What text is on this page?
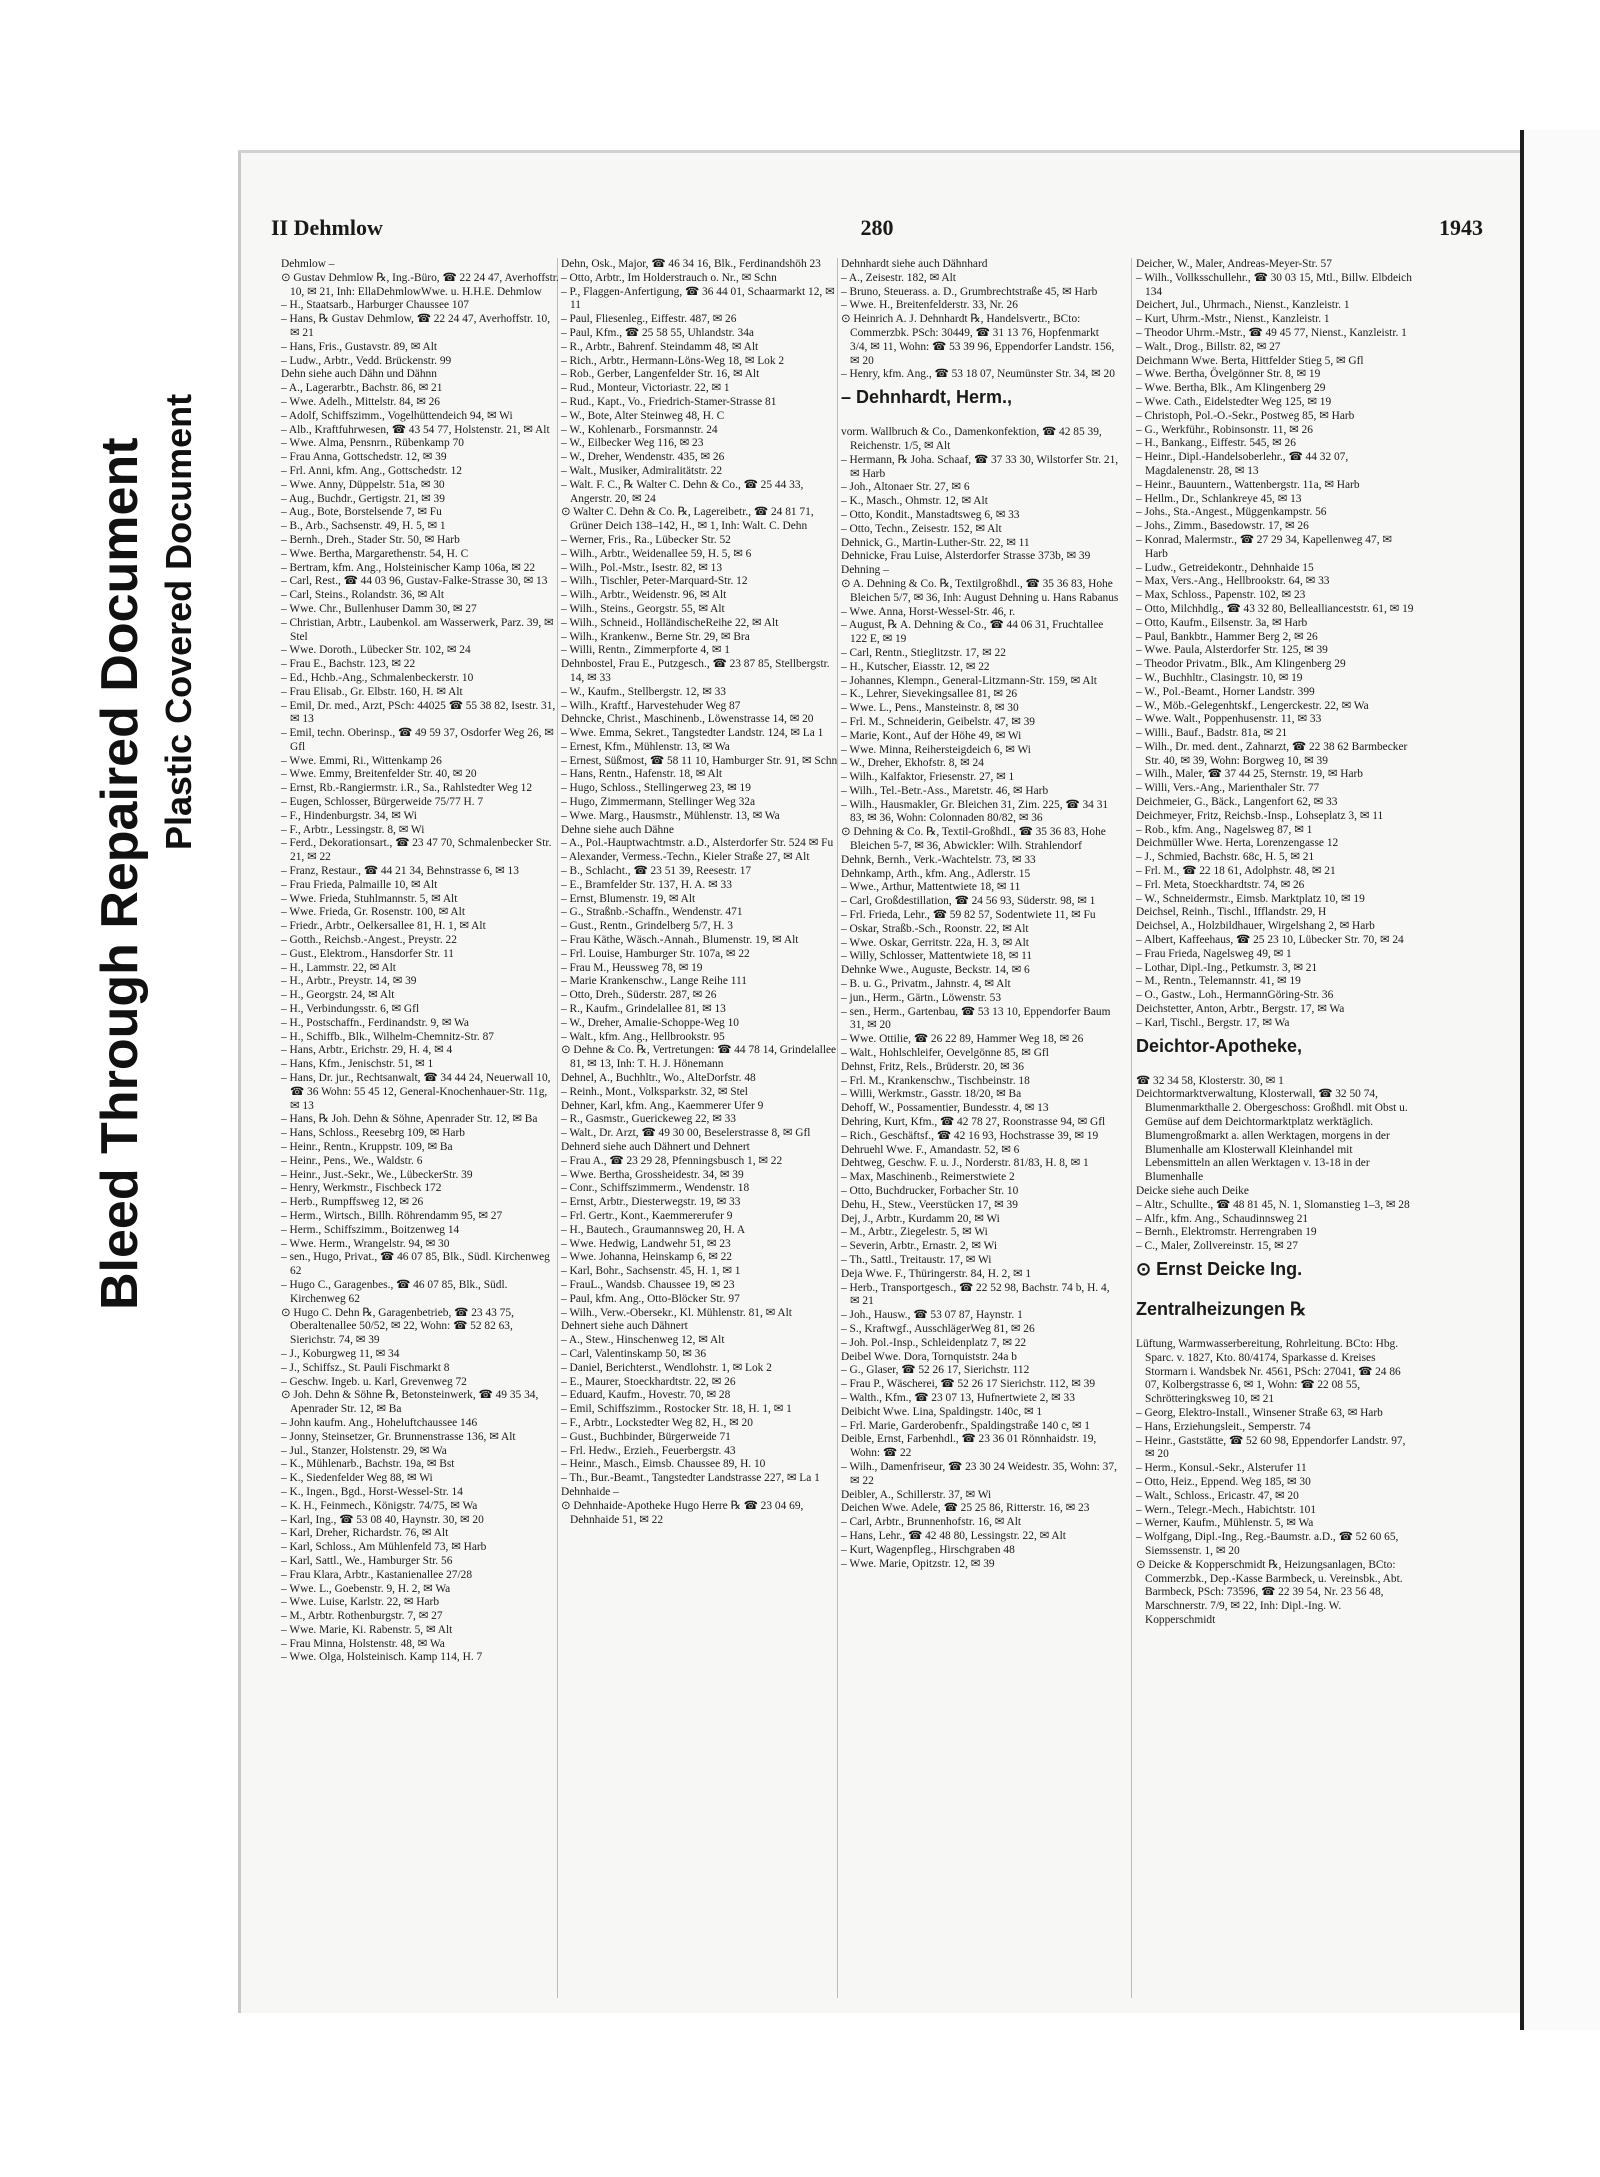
Bleed Through Repaired Document Plastic Covered Document
II Dehmlow	280	1943

Dehmlow –

⊙ Gustav Dehmlow ℞, Ing.-Büro, ☎ 22 24 47, Averhoffstr. 10, ✉ 21, Inh: EllaDehmlowWwe. u. H.H.E. Dehmlow

– H., Staatsarb., Harburger Chaussee 107

– Hans, ℞ Gustav Dehmlow, ☎ 22 24 47, Averhoffstr. 10, ✉ 21

– Hans, Fris., Gustavstr. 89, ✉ Alt

– Ludw., Arbtr., Vedd. Brückenstr. 99

Dehn siehe auch Dähn und Dähnn

– A., Lagerarbtr., Bachstr. 86, ✉ 21

– Wwe. Adelh., Mittelstr. 84, ✉ 26

– Adolf, Schiffszimm., Vogelhüttendeich 94, ✉ Wi

– Alb., Kraftfuhrwesen, ☎ 43 54 77, Holstenstr. 21, ✉ Alt

– Wwe. Alma, Pensnrn., Rübenkamp 70

– Frau Anna, Gottschedstr. 12, ✉ 39

– Frl. Anni, kfm. Ang., Gottschedstr. 12

– Wwe. Anny, Düppelstr. 51a, ✉ 30

– Aug., Buchdr., Gertigstr. 21, ✉ 39

– Aug., Bote, Borstelsende 7, ✉ Fu

– B., Arb., Sachsenstr. 49, H. 5, ✉ 1

– Bernh., Dreh., Stader Str. 50, ✉ Harb

– Wwe. Bertha, Margarethenstr. 54, H. C

– Bertram, kfm. Ang., Holsteinischer Kamp 106a, ✉ 22

– Carl, Rest., ☎ 44 03 96, Gustav-Falke-Strasse 30, ✉ 13

– Carl, Steins., Rolandstr. 36, ✉ Alt

– Wwe. Chr., Bullenhuser Damm 30, ✉ 27

– Christian, Arbtr., Laubenkol. am Wasserwerk, Parz. 39, ✉ Stel

– Wwe. Doroth., Lübecker Str. 102, ✉ 24

– Frau E., Bachstr. 123, ✉ 22

– Ed., Hchb.-Ang., Schmalenbeckerstr. 10

– Frau Elisab., Gr. Elbstr. 160, H. ✉ Alt

– Emil, Dr. med., Arzt, PSch: 44025 ☎ 55 38 82, Isestr. 31, ✉ 13

– Emil, techn. Oberinsp., ☎ 49 59 37, Osdorfer Weg 26, ✉ Gfl

– Wwe. Emmi, Ri., Wittenkamp 26

– Wwe. Emmy, Breitenfelder Str. 40, ✉ 20

– Ernst, Rb.-Rangiermstr. i.R., Sa., Rahlstedter Weg 12

– Eugen, Schlosser, Bürgerweide 75/77 H. 7

– F., Hindenburgstr. 34, ✉ Wi

– F., Arbtr., Lessingstr. 8, ✉ Wi

– Ferd., Dekorationsart., ☎ 23 47 70, Schmalenbecker Str. 21, ✉ 22

– Franz, Restaur., ☎ 44 21 34, Behnstrasse 6, ✉ 13

– Frau Frieda, Palmaille 10, ✉ Alt

– Wwe. Frieda, Stuhlmannstr. 5, ✉ Alt

– Wwe. Frieda, Gr. Rosenstr. 100, ✉ Alt

– Friedr., Arbtr., Oelkersallee 81, H. 1, ✉ Alt

– Gotth., Reichsb.-Angest., Preystr. 22

– Gust., Elektrom., Hansdorfer Str. 11

– H., Lammstr. 22, ✉ Alt

– H., Arbtr., Preystr. 14, ✉ 39

– H., Georgstr. 24, ✉ Alt

– H., Verbindungsstr. 6, ✉ Gfl

– H., Postschaffn., Ferdinandstr. 9, ✉ Wa

– H., Schiffb., Blk., Wilhelm-Chemnitz-Str. 87

– Hans, Arbtr., Erichstr. 29, H. 4, ✉ 4

– Hans, Kfm., Jenischstr. 51, ✉ 1

– Hans, Dr. jur., Rechtsanwalt, ☎ 34 44 24, Neuerwall 10, ☎ 36 Wohn: 55 45 12, General-Knochenhauer-Str. 11g, ✉ 13

– Hans, ℞ Joh. Dehn & Söhne, Apenrader Str. 12, ✉ Ba

– Hans, Schloss., Reesebrg 109, ✉ Harb

– Heinr., Rentn., Kruppstr. 109, ✉ Ba

– Heinr., Pens., We., Waldstr. 6

– Heinr., Just.-Sekr., We., LübeckerStr. 39

– Henry, Werkmstr., Fischbeck 172

– Herb., Rumpffsweg 12, ✉ 26

– Herm., Wirtsch., Billh. Röhrendamm 95, ✉ 27

– Herm., Schiffszimm., Boitzenweg 14

– Wwe. Herm., Wrangelstr. 94, ✉ 30

– sen., Hugo, Privat., ☎ 46 07 85, Blk., Südl. Kirchenweg 62

– Hugo C., Garagenbes., ☎ 46 07 85, Blk., Südl. Kirchenweg 62

⊙ Hugo C. Dehn ℞, Garagenbetrieb, ☎ 23 43 75, Oberaltenallee 50/52, ✉ 22, Wohn: ☎ 52 82 63, Sierichstr. 74, ✉ 39

– J., Koburgweg 11, ✉ 34

– J., Schiffsz., St. Pauli Fischmarkt 8

– Geschw. Ingeb. u. Karl, Grevenweg 72

⊙ Joh. Dehn & Söhne ℞, Betonsteinwerk, ☎ 49 35 34, Apenrader Str. 12, ✉ Ba

– John kaufm. Ang., Hoheluftchaussee 146

– Jonny, Steinsetzer, Gr. Brunnenstrasse 136, ✉ Alt

– Jul., Stanzer, Holstenstr. 29, ✉ Wa

– K., Mühlenarb., Bachstr. 19a, ✉ Bst

– K., Siedenfelder Weg 88, ✉ Wi

– K., Ingen., Bgd., Horst-Wessel-Str. 14

– K. H., Feinmech., Königstr. 74/75, ✉ Wa

– Karl, Ing., ☎ 53 08 40, Haynstr. 30, ✉ 20

– Karl, Dreher, Richardstr. 76, ✉ Alt

– Karl, Schloss., Am Mühlenfeld 73, ✉ Harb

– Karl, Sattl., We., Hamburger Str. 56

– Frau Klara, Arbtr., Kastanienallee 27/28

– Wwe. L., Goebenstr. 9, H. 2, ✉ Wa

– Wwe. Luise, Karlstr. 22, ✉ Harb

– M., Arbtr. Rothenburgstr. 7, ✉ 27

– Wwe. Marie, Ki. Rabenstr. 5, ✉ Alt

– Frau Minna, Holstenstr. 48, ✉ Wa

– Wwe. Olga, Holsteinisch. Kamp 114, H. 7

Dehn, Osk., Major, ☎ 46 34 16, Blk., Ferdinandshöh 23

– Otto, Arbtr., Im Holderstrauch o. Nr., ✉ Schn

– P., Flaggen-Anfertigung, ☎ 36 44 01, Schaarmarkt 12, ✉ 11

– Paul, Fliesenleg., Eiffestr. 487, ✉ 26

– Paul, Kfm., ☎ 25 58 55, Uhlandstr. 34a

– R., Arbtr., Bahrenf. Steindamm 48, ✉ Alt

– Rich., Arbtr., Hermann-Löns-Weg 18, ✉ Lok 2

– Rob., Gerber, Langenfelder Str. 16, ✉ Alt

– Rud., Monteur, Victoriastr. 22, ✉ 1

– Rud., Kapt., Vo., Friedrich-Stamer-Strasse 81

– W., Bote, Alter Steinweg 48, H. C

– W., Kohlenarb., Forsmannstr. 24

– W., Eilbecker Weg 116, ✉ 23

– W., Dreher, Wendenstr. 435, ✉ 26

– Walt., Musiker, Admiralitätstr. 22

– Walt. F. C., ℞ Walter C. Dehn & Co., ☎ 25 44 33, Angerstr. 20, ✉ 24

⊙ Walter C. Dehn & Co. ℞, Lagereibetr., ☎ 24 81 71, Grüner Deich 138–142, H., ✉ 1, Inh: Walt. C. Dehn

– Werner, Fris., Ra., Lübecker Str. 52

– Wilh., Arbtr., Weidenallee 59, H. 5, ✉ 6

– Wilh., Pol.-Mstr., Isestr. 82, ✉ 13

– Wilh., Tischler, Peter-Marquard-Str. 12

– Wilh., Arbtr., Weidenstr. 96, ✉ Alt

– Wilh., Steins., Georgstr. 55, ✉ Alt

– Wilh., Schneid., HolländischeReihe 22, ✉ Alt

– Wilh., Krankenw., Berne Str. 29, ✉ Bra

– Willi, Rentn., Zimmerpforte 4, ✉ 1

Dehnbostel, Frau E., Putzgesch., ☎ 23 87 85, Stellbergstr. 14, ✉ 33

– W., Kaufm., Stellbergstr. 12, ✉ 33

– Wilh., Kraftf., Harvestehuder Weg 87

Dehncke, Christ., Maschinenb., Löwenstrasse 14, ✉ 20

– Wwe. Emma, Sekret., Tangstedter Landstr. 124, ✉ La 1

– Ernest, Kfm., Mühlenstr. 13, ✉ Wa

– Ernest, Süßmost, ☎ 58 11 10, Hamburger Str. 91, ✉ Schn

– Hans, Rentn., Hafenstr. 18, ✉ Alt

– Hugo, Schloss., Stellingerweg 23, ✉ 19

– Hugo, Zimmermann, Stellinger Weg 32a

– Wwe. Marg., Hausmstr., Mühlenstr. 13, ✉ Wa

Dehne siehe auch Dähne

– A., Pol.-Hauptwachtmstr. a.D., Alsterdorfer Str. 524 ✉ Fu

– Alexander, Vermess.-Techn., Kieler Straße 27, ✉ Alt

– B., Schlacht., ☎ 23 51 39, Reesestr. 17

– E., Bramfelder Str. 137, H. A. ✉ 33

– Ernst, Blumenstr. 19, ✉ Alt

– G., Straßnb.-Schaffn., Wendenstr. 471

– Gust., Rentn., Grindelberg 5/7, H. 3

– Frau Käthe, Wäsch.-Annah., Blumenstr. 19, ✉ Alt

– Frl. Louise, Hamburger Str. 107a, ✉ 22

– Frau M., Heussweg 78, ✉ 19

– Marie Krankenschw., Lange Reihe 111

– Otto, Dreh., Süderstr. 287, ✉ 26

– R., Kaufm., Grindelallee 81, ✉ 13

– W., Dreher, Amalie-Schoppe-Weg 10

– Walt., kfm. Ang., Hellbrookstr. 95

⊙ Dehne & Co. ℞, Vertretungen: ☎ 44 78 14, Grindelallee 81, ✉ 13, Inh: T. H. J. Hönemann

Dehnel, A., Buchhltr., Wo., AlteDorfstr. 48

– Reinh., Mont., Volksparkstr. 32, ✉ Stel

Dehner, Karl, kfm. Ang., Kaemmerer Ufer 9

– R., Gasmstr., Guerickeweg 22, ✉ 33

– Walt., Dr. Arzt, ☎ 49 30 00, Beselerstrasse 8, ✉ Gfl

Dehnerd siehe auch Dähnert und Dehnert

– Frau A., ☎ 23 29 28, Pfenningsbusch 1, ✉ 22

– Wwe. Bertha, Grossheidestr. 34, ✉ 39

– Conr., Schiffszimmerm., Wendenstr. 18

– Ernst, Arbtr., Diesterwegstr. 19, ✉ 33

– Frl. Gertr., Kont., Kaemmererufer 9

– H., Bautech., Graumannsweg 20, H. A

– Wwe. Hedwig, Landwehr 51, ✉ 23

– Wwe. Johanna, Heinskamp 6, ✉ 22

– Karl, Bohr., Sachsenstr. 45, H. 1, ✉ 1

– FrauL., Wandsb. Chaussee 19, ✉ 23

– Paul, kfm. Ang., Otto-Blöcker Str. 97

– Wilh., Verw.-Obersekr., Kl. Mühlenstr. 81, ✉ Alt

Dehnert siehe auch Dähnert

– A., Stew., Hinschenweg 12, ✉ Alt

– Carl, Valentinskamp 50, ✉ 36

– Daniel, Berichterst., Wendlohstr. 1, ✉ Lok 2

– E., Maurer, Stoeckhardtstr. 22, ✉ 26

– Eduard, Kaufm., Hovestr. 70, ✉ 28

– Emil, Schiffszimm., Rostocker Str. 18, H. 1, ✉ 1

– F., Arbtr., Lockstedter Weg 82, H., ✉ 20

– Gust., Buchbinder, Bürgerweide 71

– Frl. Hedw., Erzieh., Feuerbergstr. 43

– Heinr., Masch., Eimsb. Chaussee 89, H. 10

– Th., Bur.-Beamt., Tangstedter Landstrasse 227, ✉ La 1

Dehnhaide –

⊙ Dehnhaide-Apotheke Hugo Herre ℞ ☎ 23 04 69, Dehnhaide 51, ✉ 22

Dehnhardt siehe auch Dähnhard

– A., Zeisestr. 182, ✉ Alt

– Bruno, Steuerass. a. D., Grumbrechtstraße 45, ✉ Harb

– Wwe. H., Breitenfelderstr. 33, Nr. 26

⊙ Heinrich A. J. Dehnhardt ℞, Handelsvertr., BCto: Commerzbk. PSch: 30449, ☎ 31 13 76, Hopfenmarkt 3/4, ✉ 11, Wohn: ☎ 53 39 96, Eppendorfer Landstr. 156, ✉ 20

– Henry, kfm. Ang., ☎ 53 18 07, Neumünster Str. 34, ✉ 20

– Dehnhardt, Herm.,

vorm. Wallbruch & Co., Damenkonfektion, ☎ 42 85 39, Reichenstr. 1/5, ✉ Alt

– Hermann, ℞ Joha. Schaaf, ☎ 37 33 30, Wilstorfer Str. 21, ✉ Harb

– Joh., Altonaer Str. 27, ✉ 6

– K., Masch., Ohmstr. 12, ✉ Alt

– Otto, Kondit., Manstadtsweg 6, ✉ 33

– Otto, Techn., Zeisestr. 152, ✉ Alt

Dehnick, G., Martin-Luther-Str. 22, ✉ 11

Dehnicke, Frau Luise, Alsterdorfer Strasse 373b, ✉ 39

Dehning –

⊙ A. Dehning & Co. ℞, Textilgroßhdl., ☎ 35 36 83, Hohe Bleichen 5/7, ✉ 36, Inh: August Dehning u. Hans Rabanus

– Wwe. Anna, Horst-Wessel-Str. 46, r.

– August, ℞ A. Dehning & Co., ☎ 44 06 31, Fruchtallee 122 E, ✉ 19

– Carl, Rentn., Stieglitzstr. 17, ✉ 22

– H., Kutscher, Eiasstr. 12, ✉ 22

– Johannes, Klempn., General-Litzmann-Str. 159, ✉ Alt

– K., Lehrer, Sievekingsallee 81, ✉ 26

– Wwe. L., Pens., Mansteinstr. 8, ✉ 30

– Frl. M., Schneiderin, Geibelstr. 47, ✉ 39

– Marie, Kont., Auf der Höhe 49, ✉ Wi

– Wwe. Minna, Reihersteigdeich 6, ✉ Wi

– W., Dreher, Ekhofstr. 8, ✉ 24

– Wilh., Kalfaktor, Friesenstr. 27, ✉ 1

– Wilh., Tel.-Betr.-Ass., Maretstr. 46, ✉ Harb

– Wilh., Hausmakler, Gr. Bleichen 31, Zim. 225, ☎ 34 31 83, ✉ 36, Wohn: Colonnaden 80/82, ✉ 36

⊙ Dehning & Co. ℞, Textil-Großhdl., ☎ 35 36 83, Hohe Bleichen 5-7, ✉ 36, Abwickler: Wilh. Strahlendorf

Dehnk, Bernh., Verk.-Wachtelstr. 73, ✉ 33

Dehnkamp, Arth., kfm. Ang., Adlerstr. 15

– Wwe., Arthur, Mattentwiete 18, ✉ 11

– Carl, Großdestillation, ☎ 24 56 93, Süderstr. 98, ✉ 1

– Frl. Frieda, Lehr., ☎ 59 82 57, Sodentwiete 11, ✉ Fu

– Oskar, Straßb.-Sch., Roonstr. 22, ✉ Alt

– Wwe. Oskar, Gerritstr. 22a, H. 3, ✉ Alt

– Willy, Schlosser, Mattentwiete 18, ✉ 11

Dehnke Wwe., Auguste, Beckstr. 14, ✉ 6

– B. u. G., Privatm., Jahnstr. 4, ✉ Alt

– jun., Herm., Gärtn., Löwenstr. 53

– sen., Herm., Gartenbau, ☎ 53 13 10, Eppendorfer Baum 31, ✉ 20

– Wwe. Ottilie, ☎ 26 22 89, Hammer Weg 18, ✉ 26

– Walt., Hohlschleifer, Oevelgönne 85, ✉ Gfl

Dehnst, Fritz, Rels., Brüderstr. 20, ✉ 36

– Frl. M., Krankenschw., Tischbeinstr. 18

– Willi, Werkmstr., Gasstr. 18/20, ✉ Ba

Dehoff, W., Possamentier, Bundesstr. 4, ✉ 13

Dehring, Kurt, Kfm., ☎ 42 78 27, Roonstrasse 94, ✉ Gfl

– Rich., Geschäftsf., ☎ 42 16 93, Hochstrasse 39, ✉ 19

Dehruehl Wwe. F., Amandastr. 52, ✉ 6

Dehtweg, Geschw. F. u. J., Norderstr. 81/83, H. 8, ✉ 1

– Max, Maschinenb., Reimerstwiete 2

– Otto, Buchdrucker, Forbacher Str. 10

Dehu, H., Stew., Veerstücken 17, ✉ 39

Dej, J., Arbtr., Kurdamm 20, ✉ Wi

– M., Arbtr., Ziegelestr. 5, ✉ Wi

– Severin, Arbtr., Ernastr. 2, ✉ Wi

– Th., Sattl., Treitaustr. 17, ✉ Wi

Deja Wwe. F., Thüringerstr. 84, H. 2, ✉ 1

– Herb., Transportgesch., ☎ 22 52 98, Bachstr. 74 b, H. 4, ✉ 21

– Joh., Hausw., ☎ 53 07 87, Haynstr. 1

– S., Kraftwgf., AusschlägerWeg 81, ✉ 26

– Joh. Pol.-Insp., Schleidenplatz 7, ✉ 22

Deibel Wwe. Dora, Tornquiststr. 24a b

– G., Glaser, ☎ 52 26 17, Sierichstr. 112

– Frau P., Wäscherei, ☎ 52 26 17 Sierichstr. 112, ✉ 39

– Walth., Kfm., ☎ 23 07 13, Hufnertwiete 2, ✉ 33

Deibicht Wwe. Lina, Spaldingstr. 140c, ✉ 1

– Frl. Marie, Garderobenfr., Spaldingstraße 140 c, ✉ 1

Deible, Ernst, Farbenhdl., ☎ 23 36 01 Rönnhaidstr. 19, Wohn: ☎ 22

– Wilh., Damenfriseur, ☎ 23 30 24 Weidestr. 35, Wohn: 37, ✉ 22

Deibler, A., Schillerstr. 37, ✉ Wi

Deichen Wwe. Adele, ☎ 25 25 86, Ritterstr. 16, ✉ 23

– Carl, Arbtr., Brunnenhofstr. 16, ✉ Alt

– Hans, Lehr., ☎ 42 48 80, Lessingstr. 22, ✉ Alt

– Kurt, Wagenpfleg., Hirschgraben 48

– Wwe. Marie, Opitzstr. 12, ✉ 39

Deicher, W., Maler, Andreas-Meyer-Str. 57

– Wilh., Vollksschullehr., ☎ 30 03 15, Mtl., Billw. Elbdeich 134

Deichert, Jul., Uhrmach., Nienst., Kanzleistr. 1

– Kurt, Uhrm.-Mstr., Nienst., Kanzleistr. 1

– Theodor Uhrm.-Mstr., ☎ 49 45 77, Nienst., Kanzleistr. 1

– Walt., Drog., Billstr. 82, ✉ 27

Deichmann Wwe. Berta, Hittfelder Stieg 5, ✉ Gfl

– Wwe. Bertha, Övelgönner Str. 8, ✉ 19

– Wwe. Bertha, Blk., Am Klingenberg 29

– Wwe. Cath., Eidelstedter Weg 125, ✉ 19

– Christoph, Pol.-O.-Sekr., Postweg 85, ✉ Harb

– G., Werkführ., Robinsonstr. 11, ✉ 26

– H., Bankang., Eiffestr. 545, ✉ 26

– Heinr., Dipl.-Handelsoberlehr., ☎ 44 32 07, Magdalenenstr. 28, ✉ 13

– Heinr., Bauuntern., Wattenbergstr. 11a, ✉ Harb

– Hellm., Dr., Schlankreye 45, ✉ 13

– Johs., Sta.-Angest., Müggenkampstr. 56

– Johs., Zimm., Basedowstr. 17, ✉ 26

– Konrad, Malermstr., ☎ 27 29 34, Kapellenweg 47, ✉ Harb

– Ludw., Getreidekontr., Dehnhaide 15

– Max, Vers.-Ang., Hellbrookstr. 64, ✉ 33

– Max, Schloss., Papenstr. 102, ✉ 23

– Otto, Milchhdlg., ☎ 43 32 80, Belleallianceststr. 61, ✉ 19

– Otto, Kaufm., Eilsenstr. 3a, ✉ Harb

– Paul, Bankbtr., Hammer Berg 2, ✉ 26

– Wwe. Paula, Alsterdorfer Str. 125, ✉ 39

– Theodor Privatm., Blk., Am Klingenberg 29

– W., Buchhltr., Clasingstr. 10, ✉ 19

– W., Pol.-Beamt., Horner Landstr. 399

– W., Möb.-Gelegenhtskf., Lengerckestr. 22, ✉ Wa

– Wwe. Walt., Poppenhusenstr. 11, ✉ 33

– Willi., Bauf., Badstr. 81a, ✉ 21

– Wilh., Dr. med. dent., Zahnarzt, ☎ 22 38 62 Barmbecker Str. 40, ✉ 39, Wohn: Borgweg 10, ✉ 39

– Wilh., Maler, ☎ 37 44 25, Sternstr. 19, ✉ Harb

– Willi, Vers.-Ang., Marienthaler Str. 77

Deichmeier, G., Bäck., Langenfort 62, ✉ 33

Deichmeyer, Fritz, Reichsb.-Insp., Lohseplatz 3, ✉ 11

– Rob., kfm. Ang., Nagelsweg 87, ✉ 1

Deichmüller Wwe. Herta, Lorenzengasse 12

– J., Schmied, Bachstr. 68c, H. 5, ✉ 21

– Frl. M., ☎ 22 18 61, Adolphstr. 48, ✉ 21

– Frl. Meta, Stoeckhardtstr. 74, ✉ 26

– W., Schneidermstr., Eimsb. Marktplatz 10, ✉ 19

Deichsel, Reinh., Tischl., Ifflandstr. 29, H

Deichsel, A., Holzbildhauer, Wirgelshang 2, ✉ Harb

– Albert, Kaffeehaus, ☎ 25 23 10, Lübecker Str. 70, ✉ 24

– Frau Frieda, Nagelsweg 49, ✉ 1

– Lothar, Dipl.-Ing., Petkumstr. 3, ✉ 21

– M., Rentn., Telemannstr. 41, ✉ 19

– O., Gastw., Loh., HermannGöring-Str. 36

Deichstetter, Anton, Arbtr., Bergstr. 17, ✉ Wa

– Karl, Tischl., Bergstr. 17, ✉ Wa

Deichtor-Apotheke,

☎ 32 34 58, Klosterstr. 30, ✉ 1

Deichtormarktverwaltung, Klosterwall, ☎ 32 50 74, Blumenmarkthalle 2. Obergeschoss: Großhdl. mit Obst u. Gemüse auf dem Deichtormarktplatz werktäglich. Blumengroßmarkt a. allen Werktagen, morgens in der Blumenhalle am Klosterwall Kleinhandel mit Lebensmitteln an allen Werktagen v. 13-18 in der Blumenhalle

Deicke siehe auch Deike

– Altr., Schullte., ☎ 48 81 45, N. 1, Slomanstieg 1–3, ✉ 28

– Alfr., kfm. Ang., Schaudinnsweg 21

– Bernh., Elektromstr. Herrengraben 19

– C., Maler, Zollvereinstr. 15, ✉ 27

⊙ Ernst Deicke Ing.

Zentralheizungen ℞

Lüftung, Warmwasserbereitung, Rohrleitung. BCto: Hbg. Sparc. v. 1827, Kto. 80/4174, Sparkasse d. Kreises Stormarn i. Wandsbek Nr. 4561, PSch: 27041, ☎ 24 86 07, Kolbergstrasse 6, ✉ 1, Wohn: ☎ 22 08 55, Schrötteringksweg 10, ✉ 21

– Georg, Elektro-Install., Winsener Straße 63, ✉ Harb

– Hans, Erziehungsleit., Semperstr. 74

– Heinr., Gaststätte, ☎ 52 60 98, Eppendorfer Landstr. 97, ✉ 20

– Herm., Konsul.-Sekr., Alsterufer 11

– Otto, Heiz., Eppend. Weg 185, ✉ 30

– Walt., Schloss., Ericastr. 47, ✉ 20

– Wern., Telegr.-Mech., Habichtstr. 101

– Werner, Kaufm., Mühlenstr. 5, ✉ Wa

– Wolfgang, Dipl.-Ing., Reg.-Baumstr. a.D., ☎ 52 60 65, Siemssenstr. 1, ✉ 20

⊙ Deicke & Kopperschmidt ℞, Heizungsanlagen, BCto: Commerzbk., Dep.-Kasse Barmbeck, u. Vereinsbk., Abt. Barmbeck, PSch: 73596, ☎ 22 39 54, Nr. 23 56 48, Marschnerstr. 7/9, ✉ 22, Inh: Dipl.-Ing. W. Kopperschmidt
